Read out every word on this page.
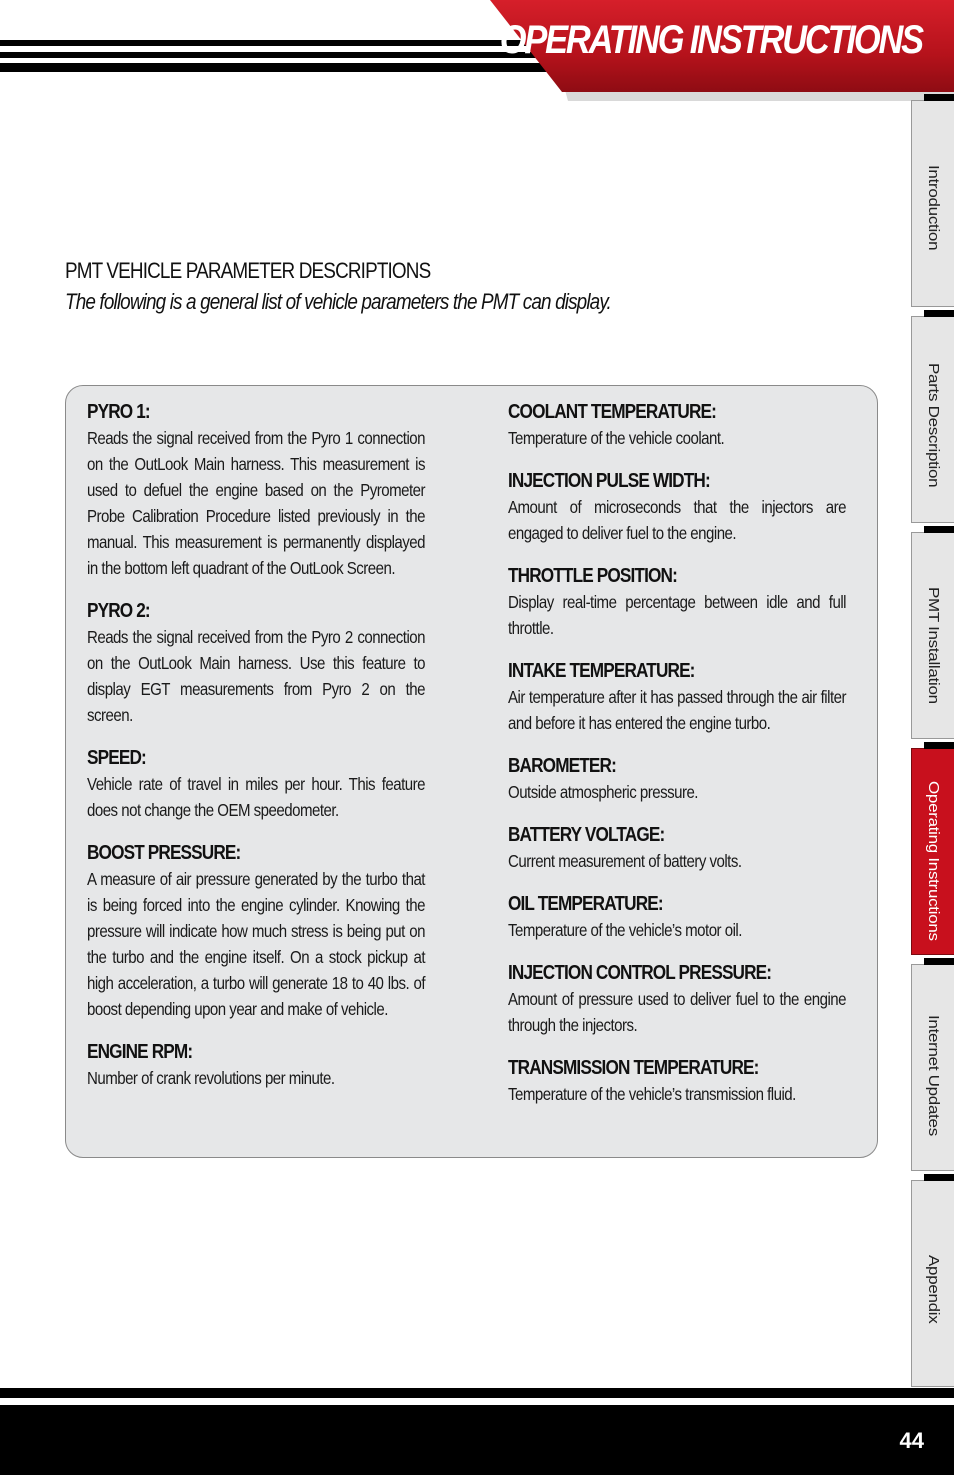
OPERATING INSTRUCTIONS
Introduction
Parts Description
PMT Installation
Operating Instructions
Internet Updates
Appendix
PMT VEHICLE PARAMETER DESCRIPTIONS
The following is a general list of vehicle parameters the PMT can display.
PYRO 1:

Reads the signal received from the Pyro 1 connection on the OutLook Main harness. This measurement is used to defuel the engine based on the Pyrometer Probe Calibration Procedure listed previously in the manual. This measurement is permanently displayed in the bottom left quadrant of the OutLook Screen.

PYRO 2:

Reads the signal received from the Pyro 2 connection on the OutLook Main harness. Use this feature to display EGT measurements from Pyro 2 on the screen.

SPEED:

Vehicle rate of travel in miles per hour. This feature does not change the OEM speedometer.

BOOST PRESSURE:

A measure of air pressure generated by the turbo that is being forced into the engine cylinder. Knowing the pressure will indicate how much stress is being put on the turbo and the engine itself. On a stock pickup at high acceleration, a turbo will generate 18 to 40 lbs. of boost depending upon year and make of vehicle.

ENGINE RPM:

Number of crank revolutions per minute.

COOLANT TEMPERATURE:

Temperature of the vehicle coolant.

INJECTION PULSE WIDTH:

Amount of microseconds that the injectors are engaged to deliver fuel to the engine.

THROTTLE POSITION:

Display real-time percentage between idle and full throttle.

INTAKE TEMPERATURE:

Air temperature after it has passed through the air filter and before it has entered the engine turbo.

BAROMETER:

Outside atmospheric pressure.

BATTERY VOLTAGE:

Current measurement of battery volts.

OIL TEMPERATURE:

Temperature of the vehicle’s motor oil.

INJECTION CONTROL PRESSURE:

Amount of pressure used to deliver fuel to the engine through the injectors.

TRANSMISSION TEMPERATURE:

Temperature of the vehicle’s transmission fluid.

44
